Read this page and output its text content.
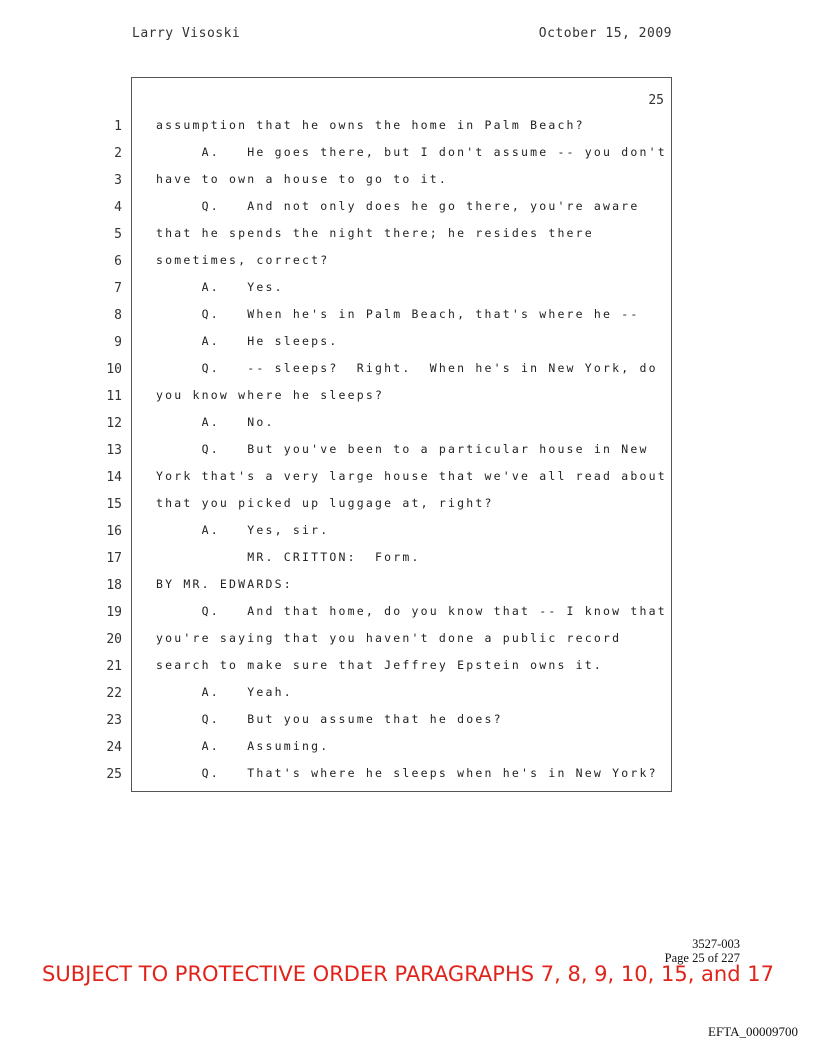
Larry Visoski	October 15, 2009
25
1	assumption that he owns the home in Palm Beach?
2	A.   He goes there, but I don't assume -- you don't
3	have to own a house to go to it.
4	Q.   And not only does he go there, you're aware
5	that he spends the night there; he resides there
6	sometimes, correct?
7	A.   Yes.
8	Q.   When he's in Palm Beach, that's where he --
9	A.   He sleeps.
10	Q.   -- sleeps?  Right.  When he's in New York, do
11	you know where he sleeps?
12	A.   No.
13	Q.   But you've been to a particular house in New
14	York that's a very large house that we've all read about
15	that you picked up luggage at, right?
16	A.   Yes, sir.
17	MR. CRITTON:  Form.
18	BY MR. EDWARDS:
19	Q.   And that home, do you know that -- I know that
20	you're saying that you haven't done a public record
21	search to make sure that Jeffrey Epstein owns it.
22	A.   Yeah.
23	Q.   But you assume that he does?
24	A.   Assuming.
25	Q.   That's where he sleeps when he's in New York?
3527-003
Page 25 of 227
SUBJECT TO PROTECTIVE ORDER PARAGRAPHS 7, 8, 9, 10, 15, and 17
EFTA_00009700
